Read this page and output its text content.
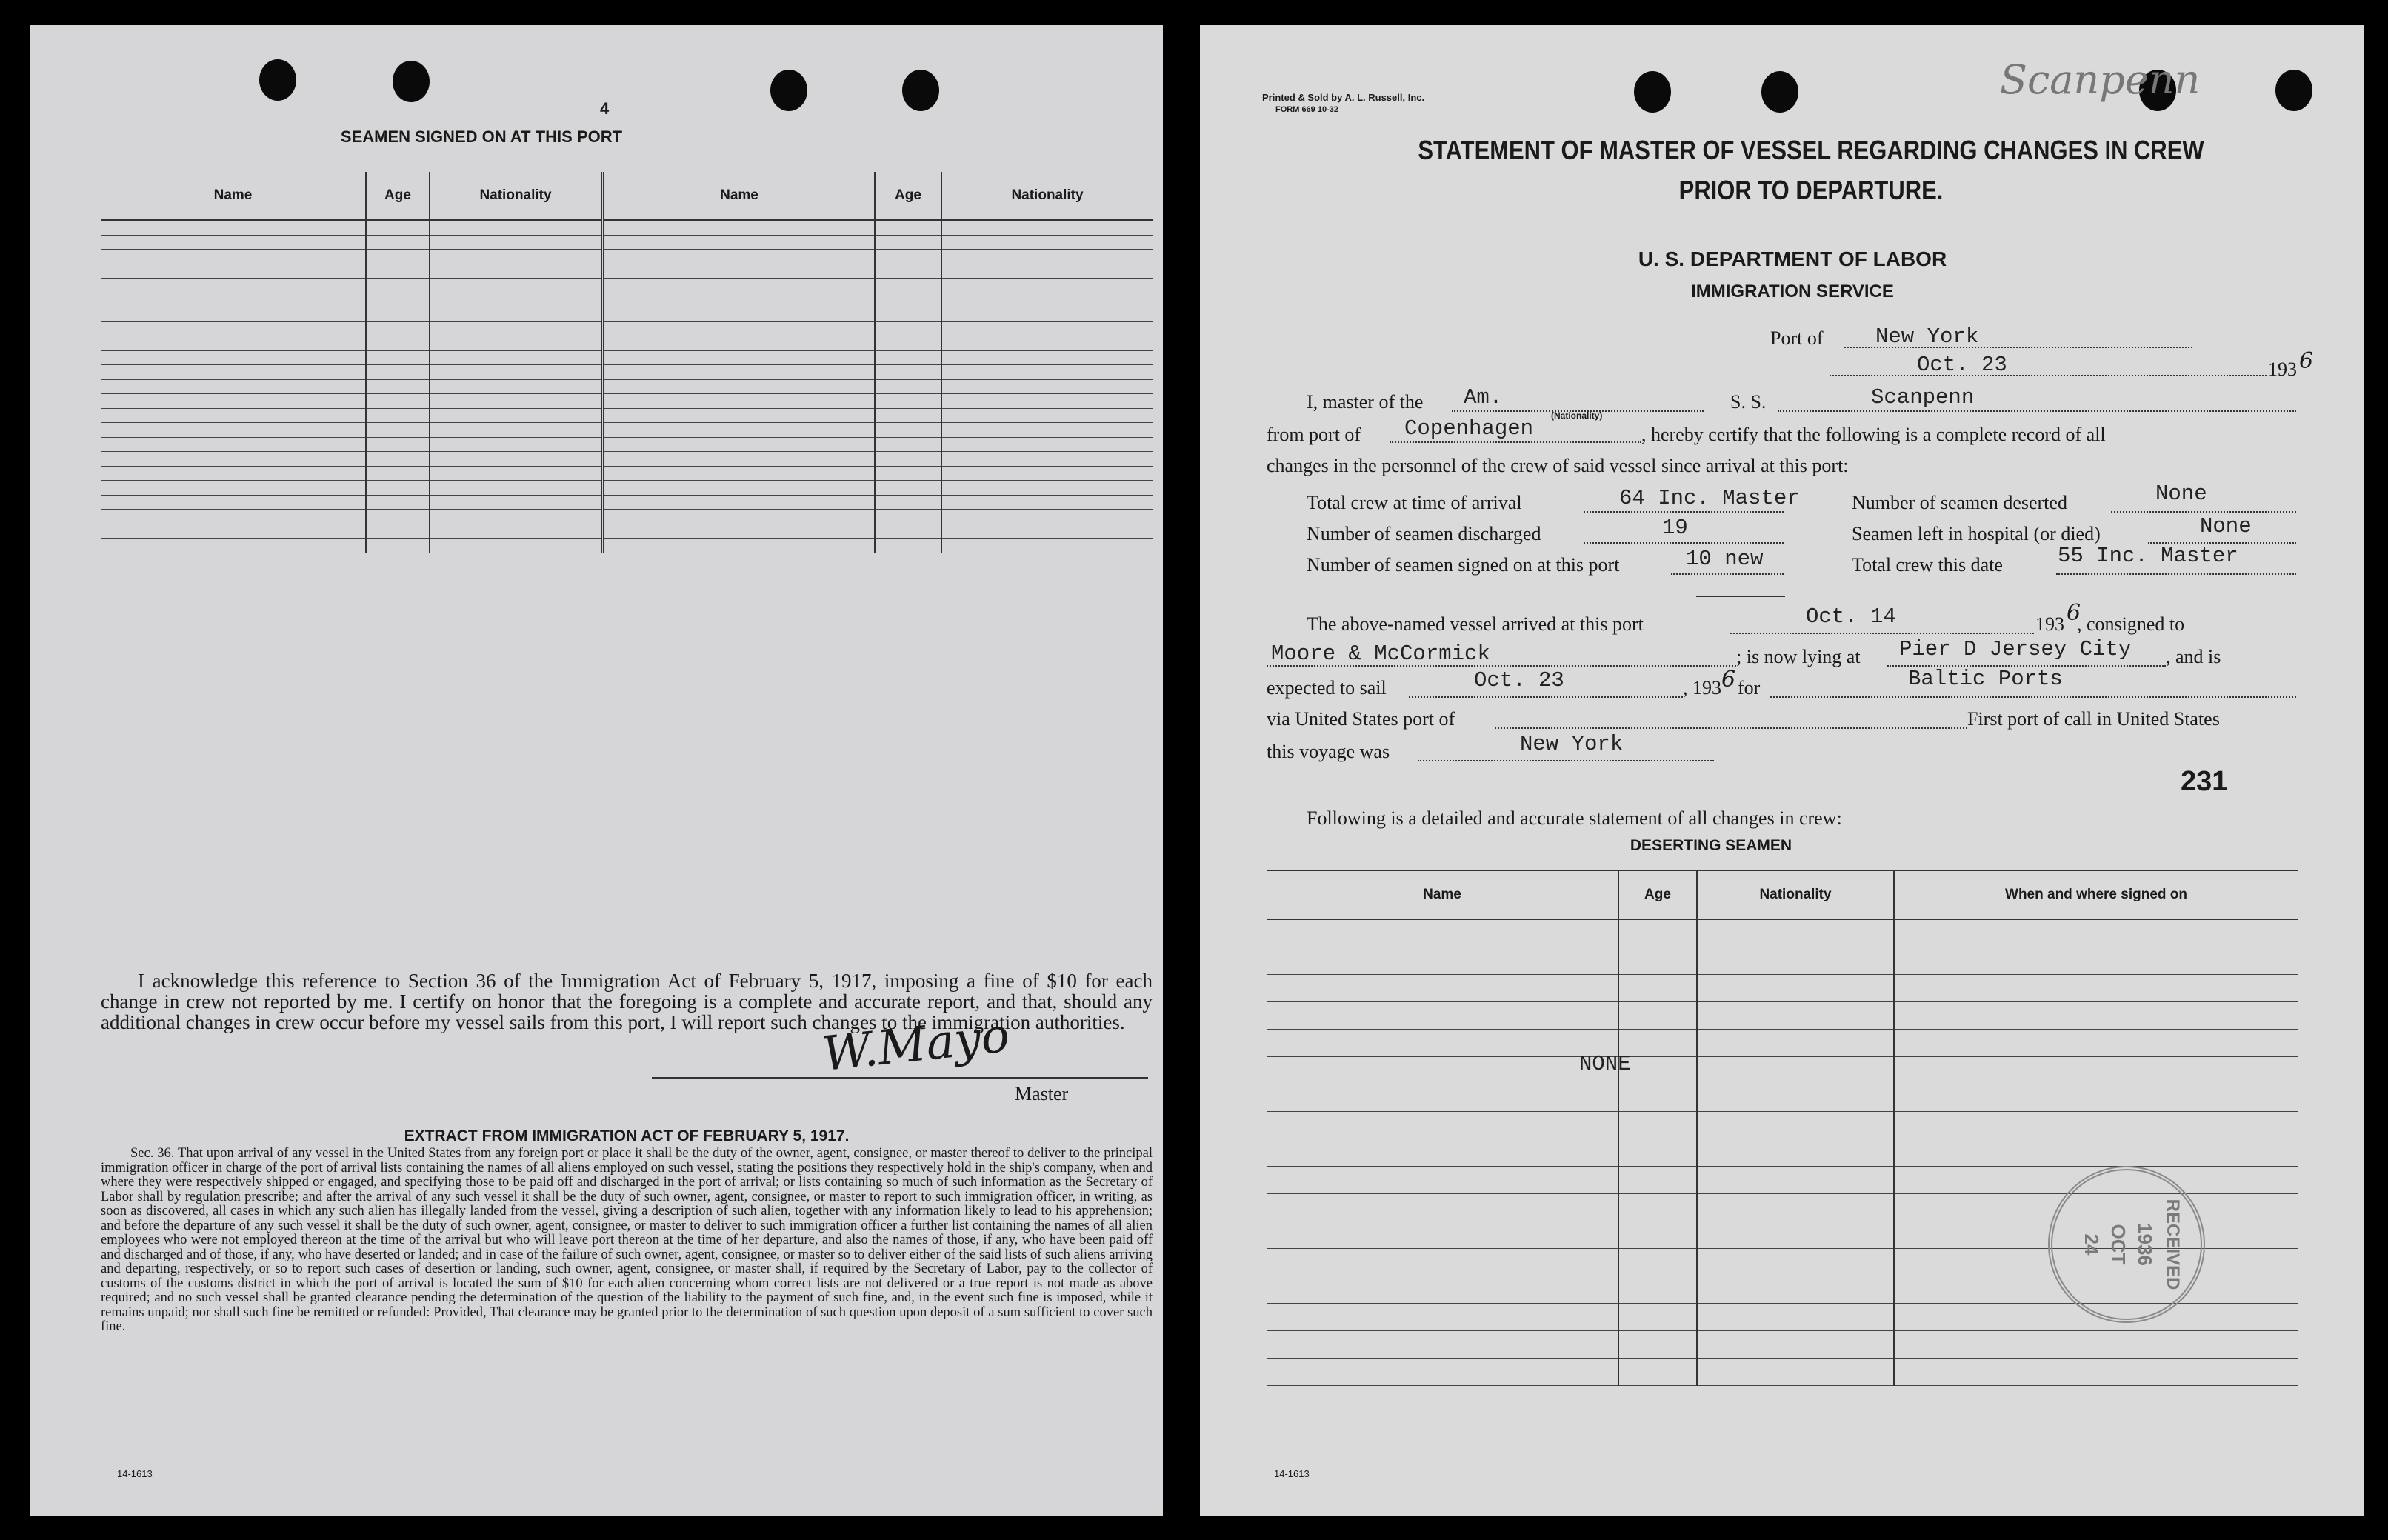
4
SEAMEN SIGNED ON AT THIS PORT
Name	Age	Nationality	Name	Age	Nationality

I acknowledge this reference to Section 36 of the Immigration Act of February 5, 1917, imposing a fine of $10 for each change in crew not reported by me. I certify on honor that the foregoing is a complete and accurate report, and that, should any additional changes in crew occur before my vessel sails from this port, I will report such changes to the immigration authorities.
W.Mayo
Master
EXTRACT FROM IMMIGRATION ACT OF FEBRUARY 5, 1917.
Sec. 36. That upon arrival of any vessel in the United States from any foreign port or place it shall be the duty of the owner, agent, consignee, or master thereof to deliver to the principal immigration officer in charge of the port of arrival lists containing the names of all aliens employed on such vessel, stating the positions they respectively hold in the ship's company, when and where they were respectively shipped or engaged, and specifying those to be paid off and discharged in the port of arrival; or lists containing so much of such information as the Secretary of Labor shall by regulation prescribe; and after the arrival of any such vessel it shall be the duty of such owner, agent, consignee, or master to report to such immigration officer, in writing, as soon as discovered, all cases in which any such alien has illegally landed from the vessel, giving a description of such alien, together with any information likely to lead to his apprehension; and before the departure of any such vessel it shall be the duty of such owner, agent, consignee, or master to deliver to such immigration officer a further list containing the names of all alien employees who were not employed thereon at the time of the arrival but who will leave port thereon at the time of her departure, and also the names of those, if any, who have been paid off and discharged and of those, if any, who have deserted or landed; and in case of the failure of such owner, agent, consignee, or master so to deliver either of the said lists of such aliens arriving and departing, respectively, or so to report such cases of desertion or landing, such owner, agent, consignee, or master shall, if required by the Secretary of Labor, pay to the collector of customs of the customs district in which the port of arrival is located the sum of $10 for each alien concerning whom correct lists are not delivered or a true report is not made as above required; and no such vessel shall be granted clearance pending the determination of the question of the liability to the payment of such fine, and, in the event such fine is imposed, while it remains unpaid; nor shall such fine be remitted or refunded: Provided, That clearance may be granted prior to the determination of such question upon deposit of a sum sufficient to cover such fine.
14-1613
Printed & Sold by A. L. Russell, Inc.
FORM 669 10-32
Scanpenn
STATEMENT OF MASTER OF VESSEL REGARDING CHANGES IN CREW
PRIOR TO DEPARTURE.
U. S. DEPARTMENT OF LABOR
IMMIGRATION SERVICE
Port of New York
Oct. 23	193 6
I, master of the Am.
(Nationality)
S. S.	Scanpenn
from port of Copenhagen	, hereby certify that the following is a complete record of all
changes in the personnel of the crew of said vessel since arrival at this port:
Total crew at time of arrival	64 Inc. Master	Number of seamen deserted	None
Number of seamen discharged	19	Seamen left in hospital (or died)	None
Number of seamen signed on at this port	10 new	Total crew this date	55 Inc. Master
The above-named vessel arrived at this port	Oct. 14	193 6
, consigned to
Moore & McCormick	; is now lying at Pier D Jersey City , and is
expected to sail	Oct. 23	, 193 6 for	Baltic Ports
via United States port of	First port of call in United States
this voyage was	New York
231
Following is a detailed and accurate statement of all changes in crew:
DESERTING SEAMEN
Name	Age	Nationality	When and where signed on

NONE
RECEIVED
1936
OCT
24
14-1613
